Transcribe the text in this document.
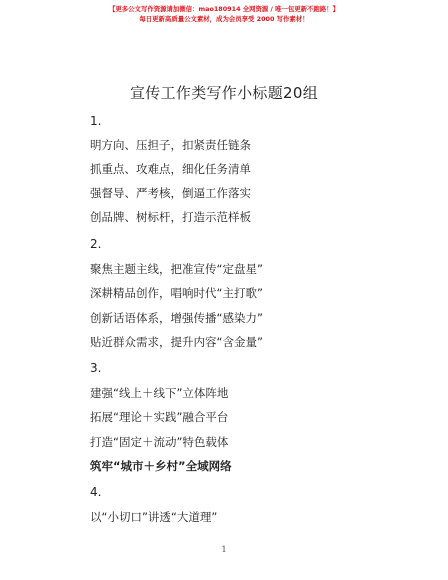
【更多公文写作资源请加微信：mao180914 全网资源 / 唯一包更新不跑路！】
每日更新高质量公文素材，成为会员享受 2000 写作素材！
宣传工作类写作小标题20组
1.
明方向、压担子，扣紧责任链条
抓重点、攻难点，细化任务清单
强督导、严考核，倒逼工作落实
创品牌、树标杆，打造示范样板
2.
聚焦主题主线，把准宣传“定盘星”
深耕精品创作，唱响时代“主打歌”
创新话语体系，增强传播“感染力”
贴近群众需求，提升内容“含金量”
3.
建强“线上＋线下”立体阵地
拓展“理论＋实践”融合平台
打造“固定＋流动”特色载体
筑牢“城市＋乡村”全域网络
4.
以“小切口”讲透“大道理”
1
